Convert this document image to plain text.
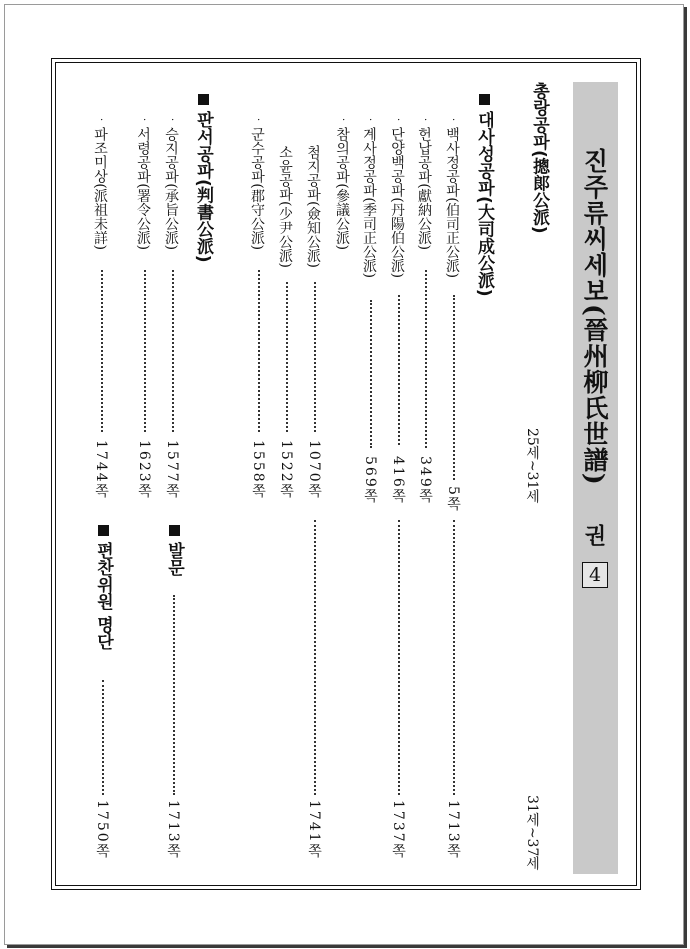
진주류씨세보(晉州柳氏世譜)
권
4
25세~31세
31세~37세
총랑공파(摠郞公派)
대사성공파(大司成公派)
·백사정공파(伯司正公派)
5쪽
1713쪽
·헌납공파(獻納公派)
349쪽
·단양백공파(丹陽伯公派)
416쪽
1737쪽
·계사정공파(季司正公派)
569쪽
·참의공파(參議公派)
첨지공파(僉知公派)
1070쪽
1741쪽
소윤공파(少尹公派)
1522쪽
·군수공파(郡守公派)
1558쪽
판서공파(判書公派)
·승지공파(承旨公派)
1577쪽
·서령공파(署令公派)
1623쪽
·파조미상(派祖未詳)
1744쪽
발문
1713쪽
편찬위원 명단
1750쪽
